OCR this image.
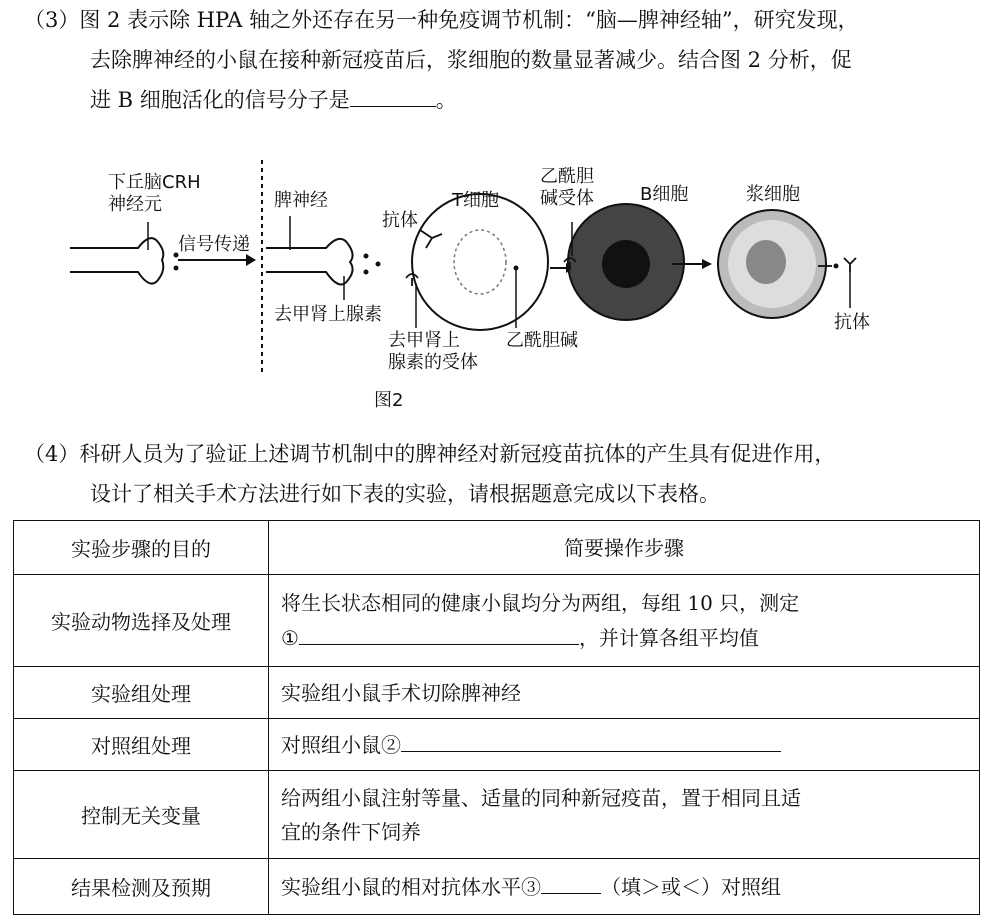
（3）图 2 表示除 HPA 轴之外还存在另一种免疫调节机制：“脑—脾神经轴”，研究发现，
去除脾神经的小鼠在接种新冠疫苗后，浆细胞的数量显著减少。结合图 2 分析，促
进 B 细胞活化的信号分子是	。
下丘脑CRH
神经元
信号传递
脾神经
去甲肾上腺素
T细胞
抗体
去甲肾上
腺素的受体
乙酰胆碱
乙酰胆
碱受体	B细胞	浆细胞
抗体
图2
（4）科研人员为了验证上述调节机制中的脾神经对新冠疫苗抗体的产生具有促进作用，
设计了相关手术方法进行如下表的实验，请根据题意完成以下表格。
实验步骤的目的	简要操作步骤
实验动物选择及处理	将生长状态相同的健康小鼠均分为两组，每组 10 只，测定
① ，并计算各组平均值

实验组处理	实验组小鼠手术切除脾神经
对照组处理	对照组小鼠②
控制无关变量	给两组小鼠注射等量、适量的同种新冠疫苗，置于相同且适
宜的条件下饲养

结果检测及预期	实验组小鼠的相对抗体水平③ （填＞或＜）对照组
